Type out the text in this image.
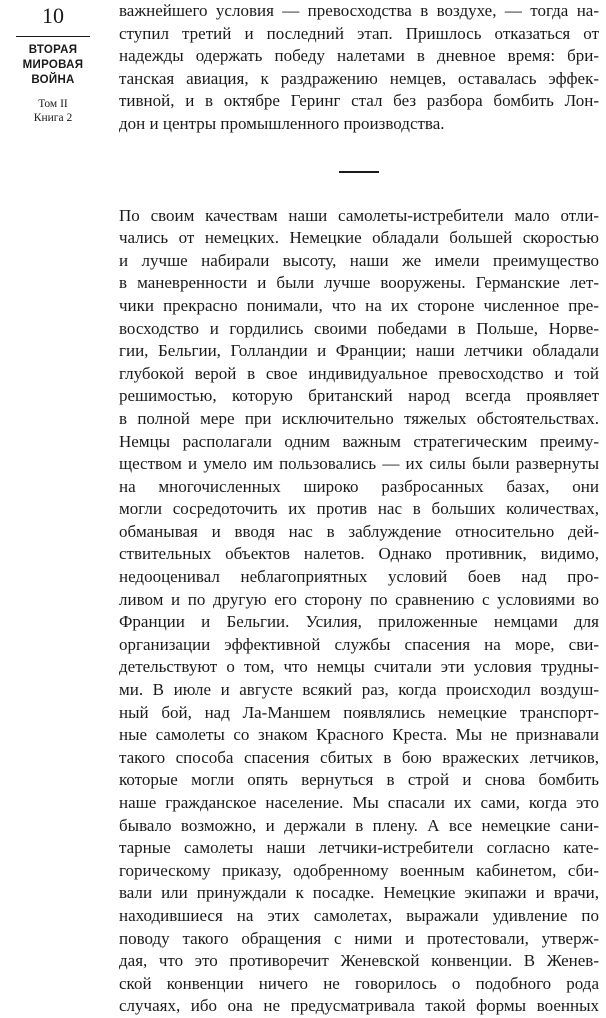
10
ВТОРАЯ
МИРОВАЯ
ВОЙНА
Том II
Книга 2
важнейшего условия — превосходства в воздухе, — тогда на-
ступил третий и последний этап. Пришлось отказаться от
надежды одержать победу налетами в дневное время: бри-
танская авиация, к раздражению немцев, оставалась эффек-
тивной, и в октябре Геринг стал без разбора бомбить Лон-
дон и центры промышленного производства.
По своим качествам наши самолеты-истребители мало отли-
чались от немецких. Немецкие обладали большей скоростью
и лучше набирали высоту, наши же имели преимущество
в маневренности и были лучше вооружены. Германские лет-
чики прекрасно понимали, что на их стороне численное пре-
восходство и гордились своими победами в Польше, Норве-
гии, Бельгии, Голландии и Франции; наши летчики обладали
глубокой верой в свое индивидуальное превосходство и той
решимостью, которую британский народ всегда проявляет
в полной мере при исключительно тяжелых обстоятельствах.
Немцы располагали одним важным стратегическим преиму-
ществом и умело им пользовались — их силы были развернуты
на многочисленных широко разбросанных базах, они
могли сосредоточить их против нас в больших количествах,
обманывая и вводя нас в заблуждение относительно дей-
ствительных объектов налетов. Однако противник, видимо,
недооценивал неблагоприятных условий боев над про-
ливом и по другую его сторону по сравнению с условиями во
Франции и Бельгии. Усилия, приложенные немцами для
организации эффективной службы спасения на море, сви-
детельствуют о том, что немцы считали эти условия трудны-
ми. В июле и августе всякий раз, когда происходил воздуш-
ный бой, над Ла-Маншем появлялись немецкие транспорт-
ные самолеты со знаком Красного Креста. Мы не признавали
такого способа спасения сбитых в бою вражеских летчиков,
которые могли опять вернуться в строй и снова бомбить
наше гражданское население. Мы спасали их сами, когда это
бывало возможно, и держали в плену. А все немецкие сани-
тарные самолеты наши летчики-истребители согласно кате-
горическому приказу, одобренному военным кабинетом, сби-
вали или принуждали к посадке. Немецкие экипажи и врачи,
находившиеся на этих самолетах, выражали удивление по
поводу такого обращения с ними и протестовали, утверж-
дая, что это противоречит Женевской конвенции. В Женев-
ской конвенции ничего не говорилось о подобного рода
случаях, ибо она не предусматривала такой формы военных
